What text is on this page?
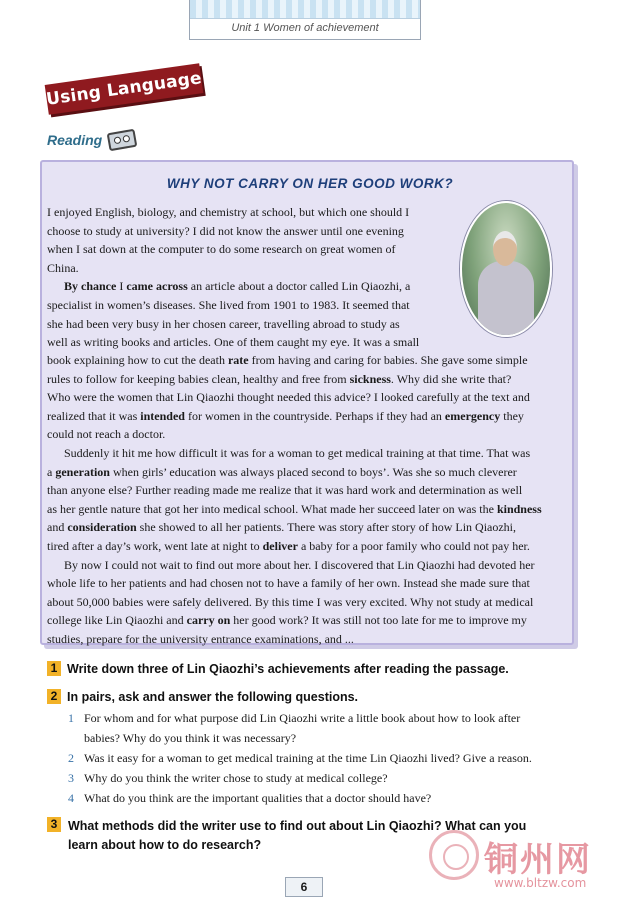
Unit 1 Women of achievement
Using Language
Reading
WHY NOT CARRY ON HER GOOD WORK?

I enjoyed English, biology, and chemistry at school, but which one should I

choose to study at university? I did not know the answer until one evening

when I sat down at the computer to do some research on great women of

China.

By chance I came across an article about a doctor called Lin Qiaozhi, a

specialist in women’s diseases. She lived from 1901 to 1983. It seemed that

she had been very busy in her chosen career, travelling abroad to study as

well as writing books and articles. One of them caught my eye. It was a small

book explaining how to cut the death rate from having and caring for babies. She gave some simple

rules to follow for keeping babies clean, healthy and free from sickness. Why did she write that?

Who were the women that Lin Qiaozhi thought needed this advice? I looked carefully at the text and

realized that it was intended for women in the countryside. Perhaps if they had an emergency they

could not reach a doctor.

Suddenly it hit me how difficult it was for a woman to get medical training at that time. That was

a generation when girls’ education was always placed second to boys’. Was she so much cleverer

than anyone else? Further reading made me realize that it was hard work and determination as well

as her gentle nature that got her into medical school. What made her succeed later on was the kindness

and consideration she showed to all her patients. There was story after story of how Lin Qiaozhi,

tired after a day’s work, went late at night to deliver a baby for a poor family who could not pay her.

By now I could not wait to find out more about her. I discovered that Lin Qiaozhi had devoted her

whole life to her patients and had chosen not to have a family of her own. Instead she made sure that

about 50,000 babies were safely delivered. By this time I was very excited. Why not study at medical

college like Lin Qiaozhi and carry on her good work? It was still not too late for me to improve my

studies, prepare for the university entrance examinations, and ...

1 Write down three of Lin Qiaozhi’s achievements after reading the passage.
2 In pairs, ask and answer the following questions.
1 For whom and for what purpose did Lin Qiaozhi write a little book about how to look after
babies? Why do you think it was necessary?
2 Was it easy for a woman to get medical training at the time Lin Qiaozhi lived? Give a reason.
3 Why do you think the writer chose to study at medical college?
4 What do you think are the important qualities that a doctor should have?
3 What methods did the writer use to find out about Lin Qiaozhi? What can you
learn about how to do research?	铜州网
www.bltzw.com
6
